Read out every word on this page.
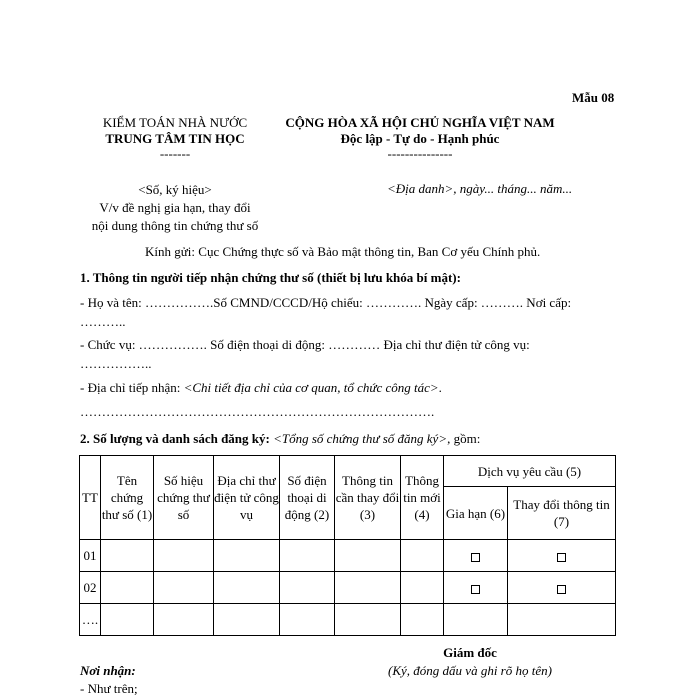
Mẫu 08
KIỂM TOÁN NHÀ NƯỚC
TRUNG TÂM TIN HỌC
-------
CỘNG HÒA XÃ HỘI CHỦ NGHĨA VIỆT NAM
Độc lập - Tự do - Hạnh phúc
---------------
<Số, ký hiệu>
V/v đề nghị gia hạn, thay đổi
nội dung thông tin chứng thư số
<Địa danh>, ngày... tháng... năm...
Kính gửi: Cục Chứng thực số và Bảo mật thông tin, Ban Cơ yếu Chính phủ.
1. Thông tin người tiếp nhận chứng thư số (thiết bị lưu khóa bí mật):
- Họ và tên: …………….Số CMND/CCCD/Hộ chiếu: …………. Ngày cấp: ………. Nơi cấp:
………..
- Chức vụ: ……………. Số điện thoại di động: ………… Địa chỉ thư điện tử công vụ:
……………..
- Địa chỉ tiếp nhận: <Chi tiết địa chỉ của cơ quan, tổ chức công tác>.
……………………………………………………………………….
2. Số lượng và danh sách đăng ký: <Tổng số chứng thư số đăng ký>, gồm:
TT	Tên chứng thư số (1)	Số hiệu chứng thư số	Địa chỉ thư điện tử công vụ	Số điện thoại di động (2)	Thông tin cần thay đổi (3)	Thông tin mới (4)	Dịch vụ yêu cầu (5)	
							Gia hạn (6)	Thay đổi thông tin (7)
01								
02								
….								
Giám đốc
(Ký, đóng dấu và ghi rõ họ tên)
Nơi nhận:
- Như trên;
